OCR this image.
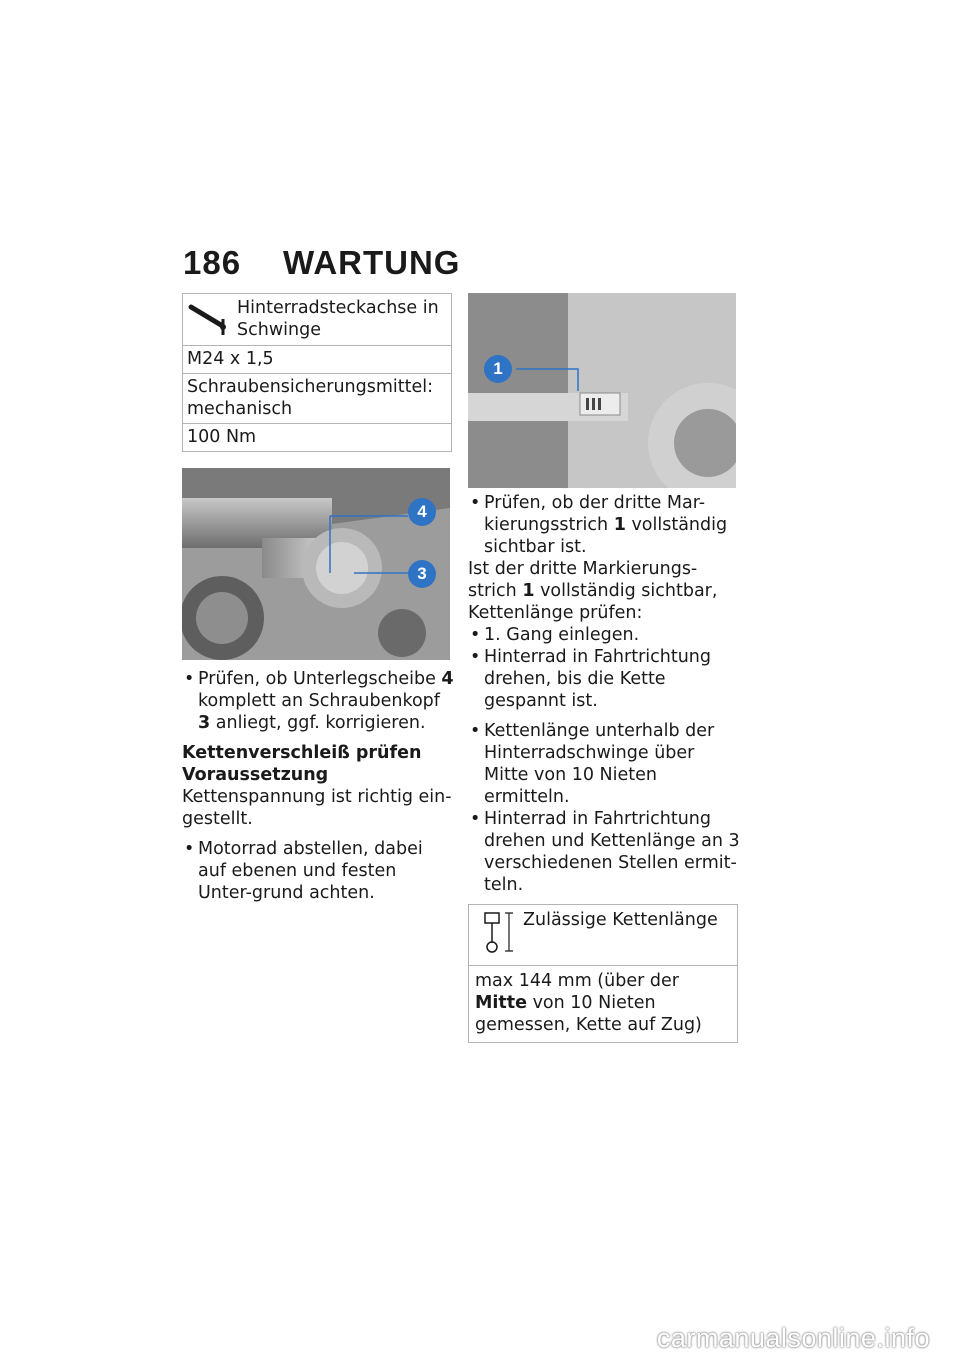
186 WARTUNG
Hinterradsteckachse in Schwinge
M24 x 1,5
Schraubensicherungsmittel: mechanisch
100 Nm
4
3

• Prüfen, ob Unterlegscheibe 4 komplett an Schraubenkopf 3 anliegt, ggf. korrigieren.

Kettenverschleiß prüfen

Voraussetzung

Kettenspannung ist richtig ein-gestellt.

• Motorrad abstellen, dabei auf ebenen und festen Unter-grund achten.

1

• Prüfen, ob der dritte Mar-kierungsstrich 1 vollständig sichtbar ist.

Ist der dritte Markierungs-strich 1 vollständig sichtbar, Kettenlänge prüfen:

• 1. Gang einlegen.

• Hinterrad in Fahrtrichtung drehen, bis die Kette gespannt ist.

• Kettenlänge unterhalb der Hinterradschwinge über Mitte von 10 Nieten ermitteln.

• Hinterrad in Fahrtrichtung drehen und Kettenlänge an 3 verschiedenen Stellen ermit-teln.

Zulässige Kettenlänge
max 144 mm (über der Mitte von 10 Nieten gemessen, Kette auf Zug)
carmanualsonline.info
